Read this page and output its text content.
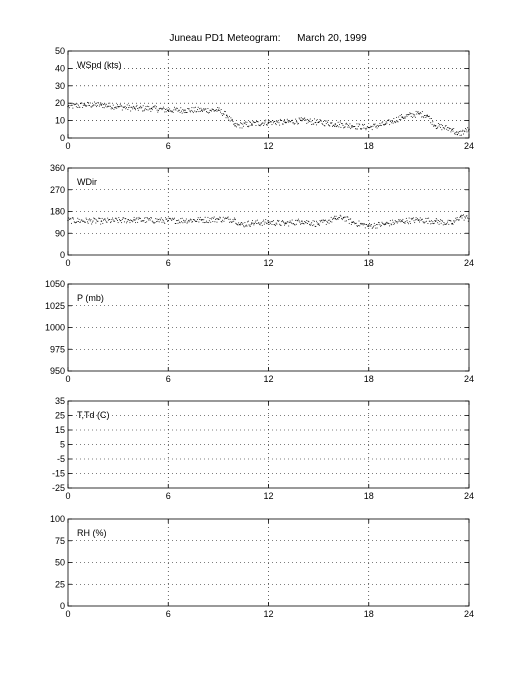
Juneau PD1 Meteogram: March 20, 1999
0	6	12	18	24
0
10
20
30
40
50
WSpd (kts)
0	6	12	18	24
0
90
180
270
360
WDir
0	6	12	18	24
950
975
1000
1025
1050
P (mb)
0	6	12	18	24
-25
-15
-5
5
15
25
35
T,Td (C)
0	6	12	18	24
0
25
50
75
100
RH (%)
